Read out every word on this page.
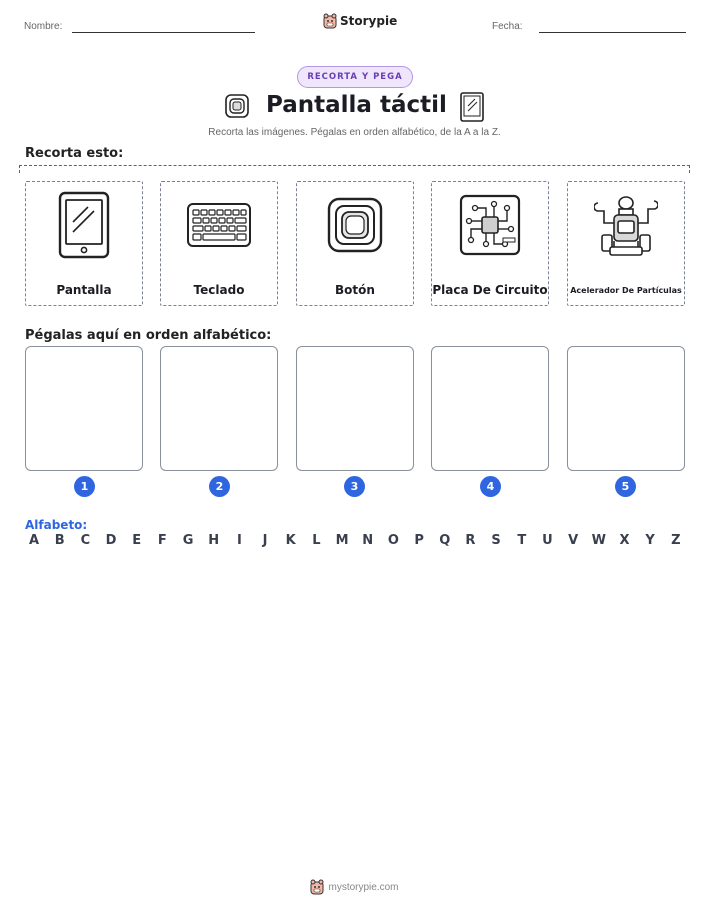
Nombre:	Storypie	Fecha:
RECORTA Y PEGA
Pantalla táctil
Recorta las imágenes. Pégalas en orden alfabético, de la A a la Z.
Recorta esto:
Pantalla	Teclado	Botón	Placa De Circuito	Acelerador De Partículas
Pégalas aquí en orden alfabético:
1	2	3	4	5
Alfabeto:
A	B	C	D	E	F	G H	I	J	K	L	M N O	P	Q	R	S	T	U	V	W	X	Y	Z
mystorypie.com
